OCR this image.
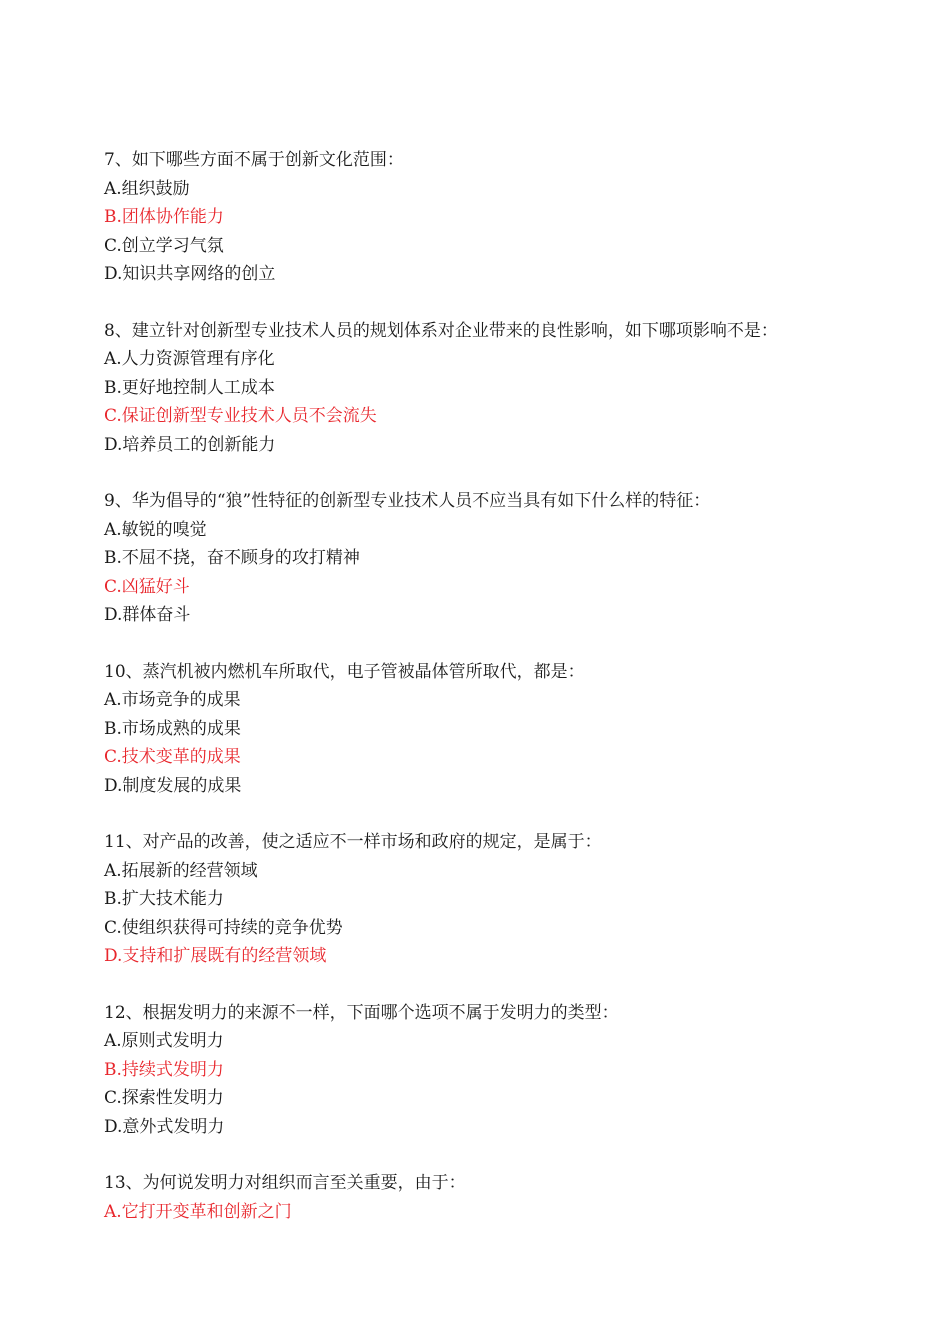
7、如下哪些方面不属于创新文化范围：
A.组织鼓励
B.团体协作能力
C.创立学习气氛
D.知识共享网络的创立
8、建立针对创新型专业技术人员的规划体系对企业带来的良性影响，如下哪项影响不是：
A.人力资源管理有序化
B.更好地控制人工成本
C.保证创新型专业技术人员不会流失
D.培养员工的创新能力
9、华为倡导的“狼”性特征的创新型专业技术人员不应当具有如下什么样的特征：
A.敏锐的嗅觉
B.不屈不挠，奋不顾身的攻打精神
C.凶猛好斗
D.群体奋斗
10、蒸汽机被内燃机车所取代，电子管被晶体管所取代，都是：
A.市场竞争的成果
B.市场成熟的成果
C.技术变革的成果
D.制度发展的成果
11、对产品的改善，使之适应不一样市场和政府的规定，是属于：
A.拓展新的经营领域
B.扩大技术能力
C.使组织获得可持续的竞争优势
D.支持和扩展既有的经营领域
12、根据发明力的来源不一样，下面哪个选项不属于发明力的类型：
A.原则式发明力
B.持续式发明力
C.探索性发明力
D.意外式发明力
13、为何说发明力对组织而言至关重要，由于：
A.它打开变革和创新之门
